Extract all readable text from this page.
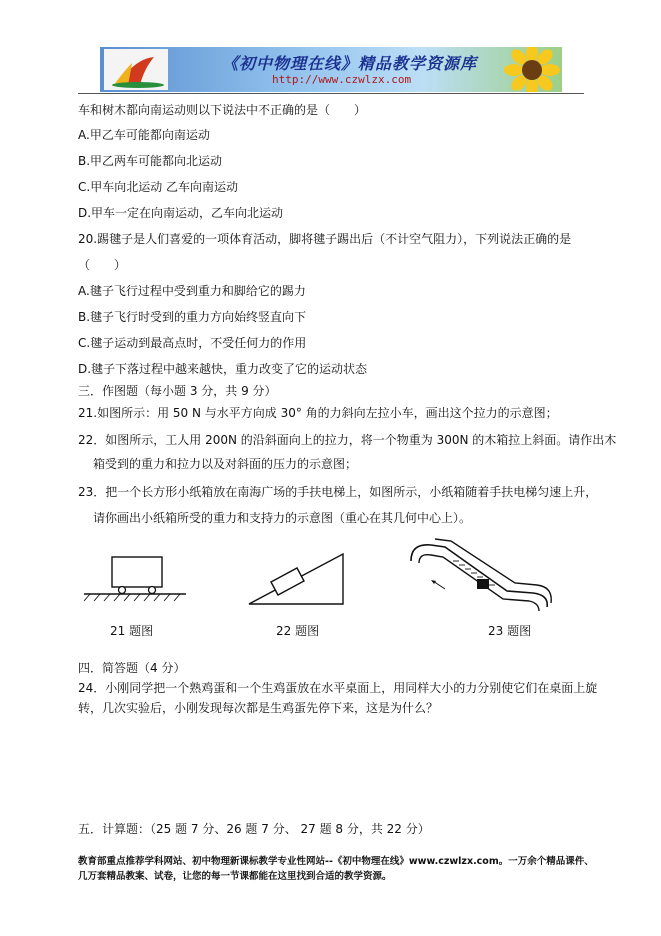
《初中物理在线》精品教学资源库
http://www.czwlzx.com
车和树木都向南运动则以下说法中不正确的是（　　）
A.甲乙车可能都向南运动
B.甲乙两车可能都向北运动
C.甲车向北运动 乙车向南运动
D.甲车一定在向南运动，乙车向北运动
20.踢毽子是人们喜爱的一项体育活动，脚将毽子踢出后（不计空气阻力），下列说法正确的是
（　　）
A.毽子飞行过程中受到重力和脚给它的踢力
B.毽子飞行时受到的重力方向始终竖直向下
C.毽子运动到最高点时，不受任何力的作用
D.毽子下落过程中越来越快，重力改变了它的运动状态
三．作图题（每小题 3 分，共 9 分）
21.如图所示：用 50 N 与水平方向成 30° 角的力斜向左拉小车，画出这个拉力的示意图；
22．如图所示，工人用 200N 的沿斜面向上的拉力，将一个物重为 300N 的木箱拉上斜面。请作出木
箱受到的重力和拉力以及对斜面的压力的示意图；
23．把一个长方形小纸箱放在南海广场的手扶电梯上，如图所示，小纸箱随着手扶电梯匀速上升，
请你画出小纸箱所受的重力和支持力的示意图（重心在其几何中心上）。
21 题图	22 题图	23 题图
四．简答题（4 分）
24．小刚同学把一个熟鸡蛋和一个生鸡蛋放在水平桌面上，用同样大小的力分别使它们在桌面上旋
转，几次实验后，小刚发现每次都是生鸡蛋先停下来，这是为什么？
五．计算题：（25 题 7 分、26 题 7 分、 27 题 8 分，共 22 分）
教育部重点推荐学科网站、初中物理新课标教学专业性网站--《初中物理在线》www.czwlzx.com。一万余个精品课件、
几万套精品教案、试卷，让您的每一节课都能在这里找到合适的教学资源。
